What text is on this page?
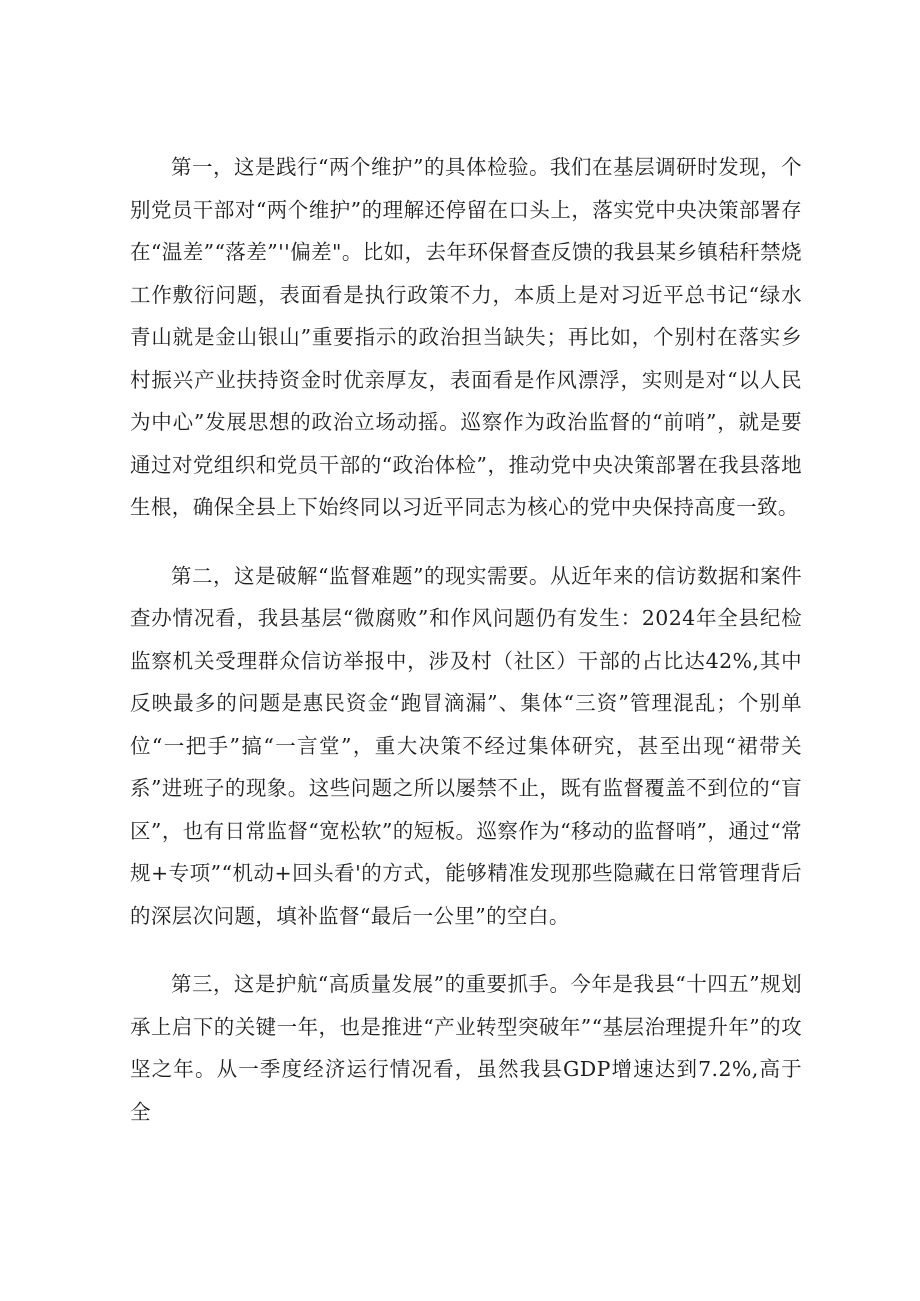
第一，这是践行“两个维护”的具体检验。我们在基层调研时发现，个别党员干部对“两个维护”的理解还停留在口头上，落实党中央决策部署存在“温差”“落差”''偏差"。比如，去年环保督查反馈的我县某乡镇秸秆禁烧工作敷衍问题，表面看是执行政策不力，本质上是对习近平总书记“绿水青山就是金山银山”重要指示的政治担当缺失；再比如，个别村在落实乡村振兴产业扶持资金时优亲厚友，表面看是作风漂浮，实则是对“以人民为中心”发展思想的政治立场动摇。巡察作为政治监督的“前哨”，就是要通过对党组织和党员干部的“政治体检”，推动党中央决策部署在我县落地生根，确保全县上下始终同以习近平同志为核心的党中央保持高度一致。

第二，这是破解“监督难题”的现实需要。从近年来的信访数据和案件查办情况看，我县基层“微腐败”和作风问题仍有发生：2024年全县纪检监察机关受理群众信访举报中，涉及村（社区）干部的占比达42%,其中反映最多的问题是惠民资金“跑冒滴漏”、集体“三资”管理混乱；个别单位“一把手”搞“一言堂”，重大决策不经过集体研究，甚至出现“裙带关系”进班子的现象。这些问题之所以屡禁不止，既有监督覆盖不到位的“盲区”，也有日常监督“宽松软”的短板。巡察作为“移动的监督哨”，通过“常规+专项”“机动+回头看'的方式，能够精准发现那些隐藏在日常管理背后的深层次问题，填补监督“最后一公里”的空白。

第三，这是护航“高质量发展”的重要抓手。今年是我县“十四五”规划承上启下的关键一年，也是推进“产业转型突破年”“基层治理提升年”的攻坚之年。从一季度经济运行情况看，虽然我县GDP增速达到7.2%,高于全
